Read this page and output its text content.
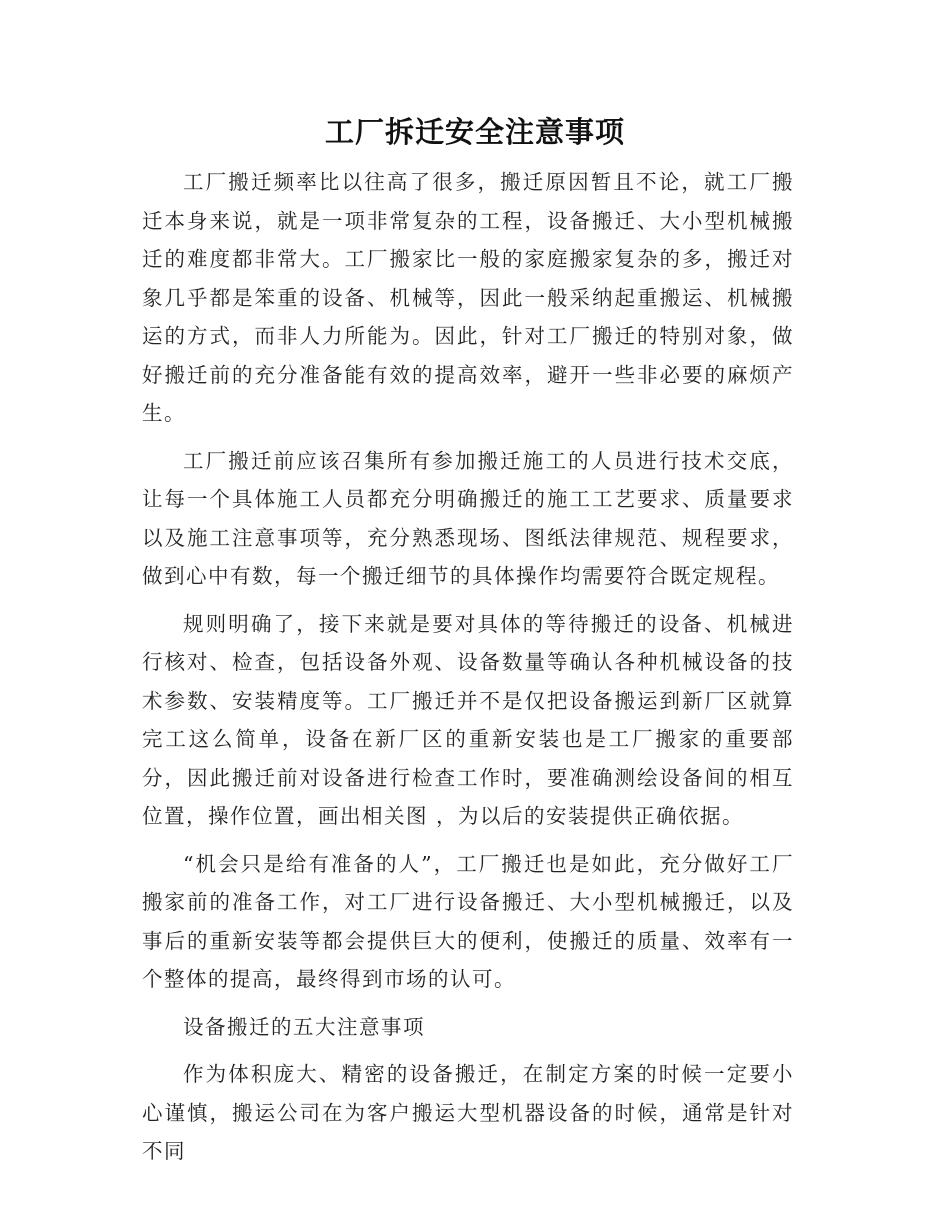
工厂拆迁安全注意事项

工厂搬迁频率比以往高了很多，搬迁原因暂且不论，就工厂搬迁本身来说，就是一项非常复杂的工程，设备搬迁、大小型机械搬迁的难度都非常大。工厂搬家比一般的家庭搬家复杂的多，搬迁对象几乎都是笨重的设备、机械等，因此一般采纳起重搬运、机械搬运的方式，而非人力所能为。因此，针对工厂搬迁的特别对象，做好搬迁前的充分准备能有效的提高效率，避开一些非必要的麻烦产生。

工厂搬迁前应该召集所有参加搬迁施工的人员进行技术交底，让每一个具体施工人员都充分明确搬迁的施工工艺要求、质量要求以及施工注意事项等，充分熟悉现场、图纸法律规范、规程要求，做到心中有数，每一个搬迁细节的具体操作均需要符合既定规程。

规则明确了，接下来就是要对具体的等待搬迁的设备、机械进行核对、检查，包括设备外观、设备数量等确认各种机械设备的技术参数、安装精度等。工厂搬迁并不是仅把设备搬运到新厂区就算完工这么简单，设备在新厂区的重新安装也是工厂搬家的重要部分，因此搬迁前对设备进行检查工作时，要准确测绘设备间的相互位置，操作位置，画出相关图 ，为以后的安装提供正确依据。

“机会只是给有准备的人”，工厂搬迁也是如此，充分做好工厂搬家前的准备工作，对工厂进行设备搬迁、大小型机械搬迁，以及事后的重新安装等都会提供巨大的便利，使搬迁的质量、效率有一个整体的提高，最终得到市场的认可。

设备搬迁的五大注意事项

作为体积庞大、精密的设备搬迁，在制定方案的时候一定要小心谨慎，搬运公司在为客户搬运大型机器设备的时候，通常是针对不同
